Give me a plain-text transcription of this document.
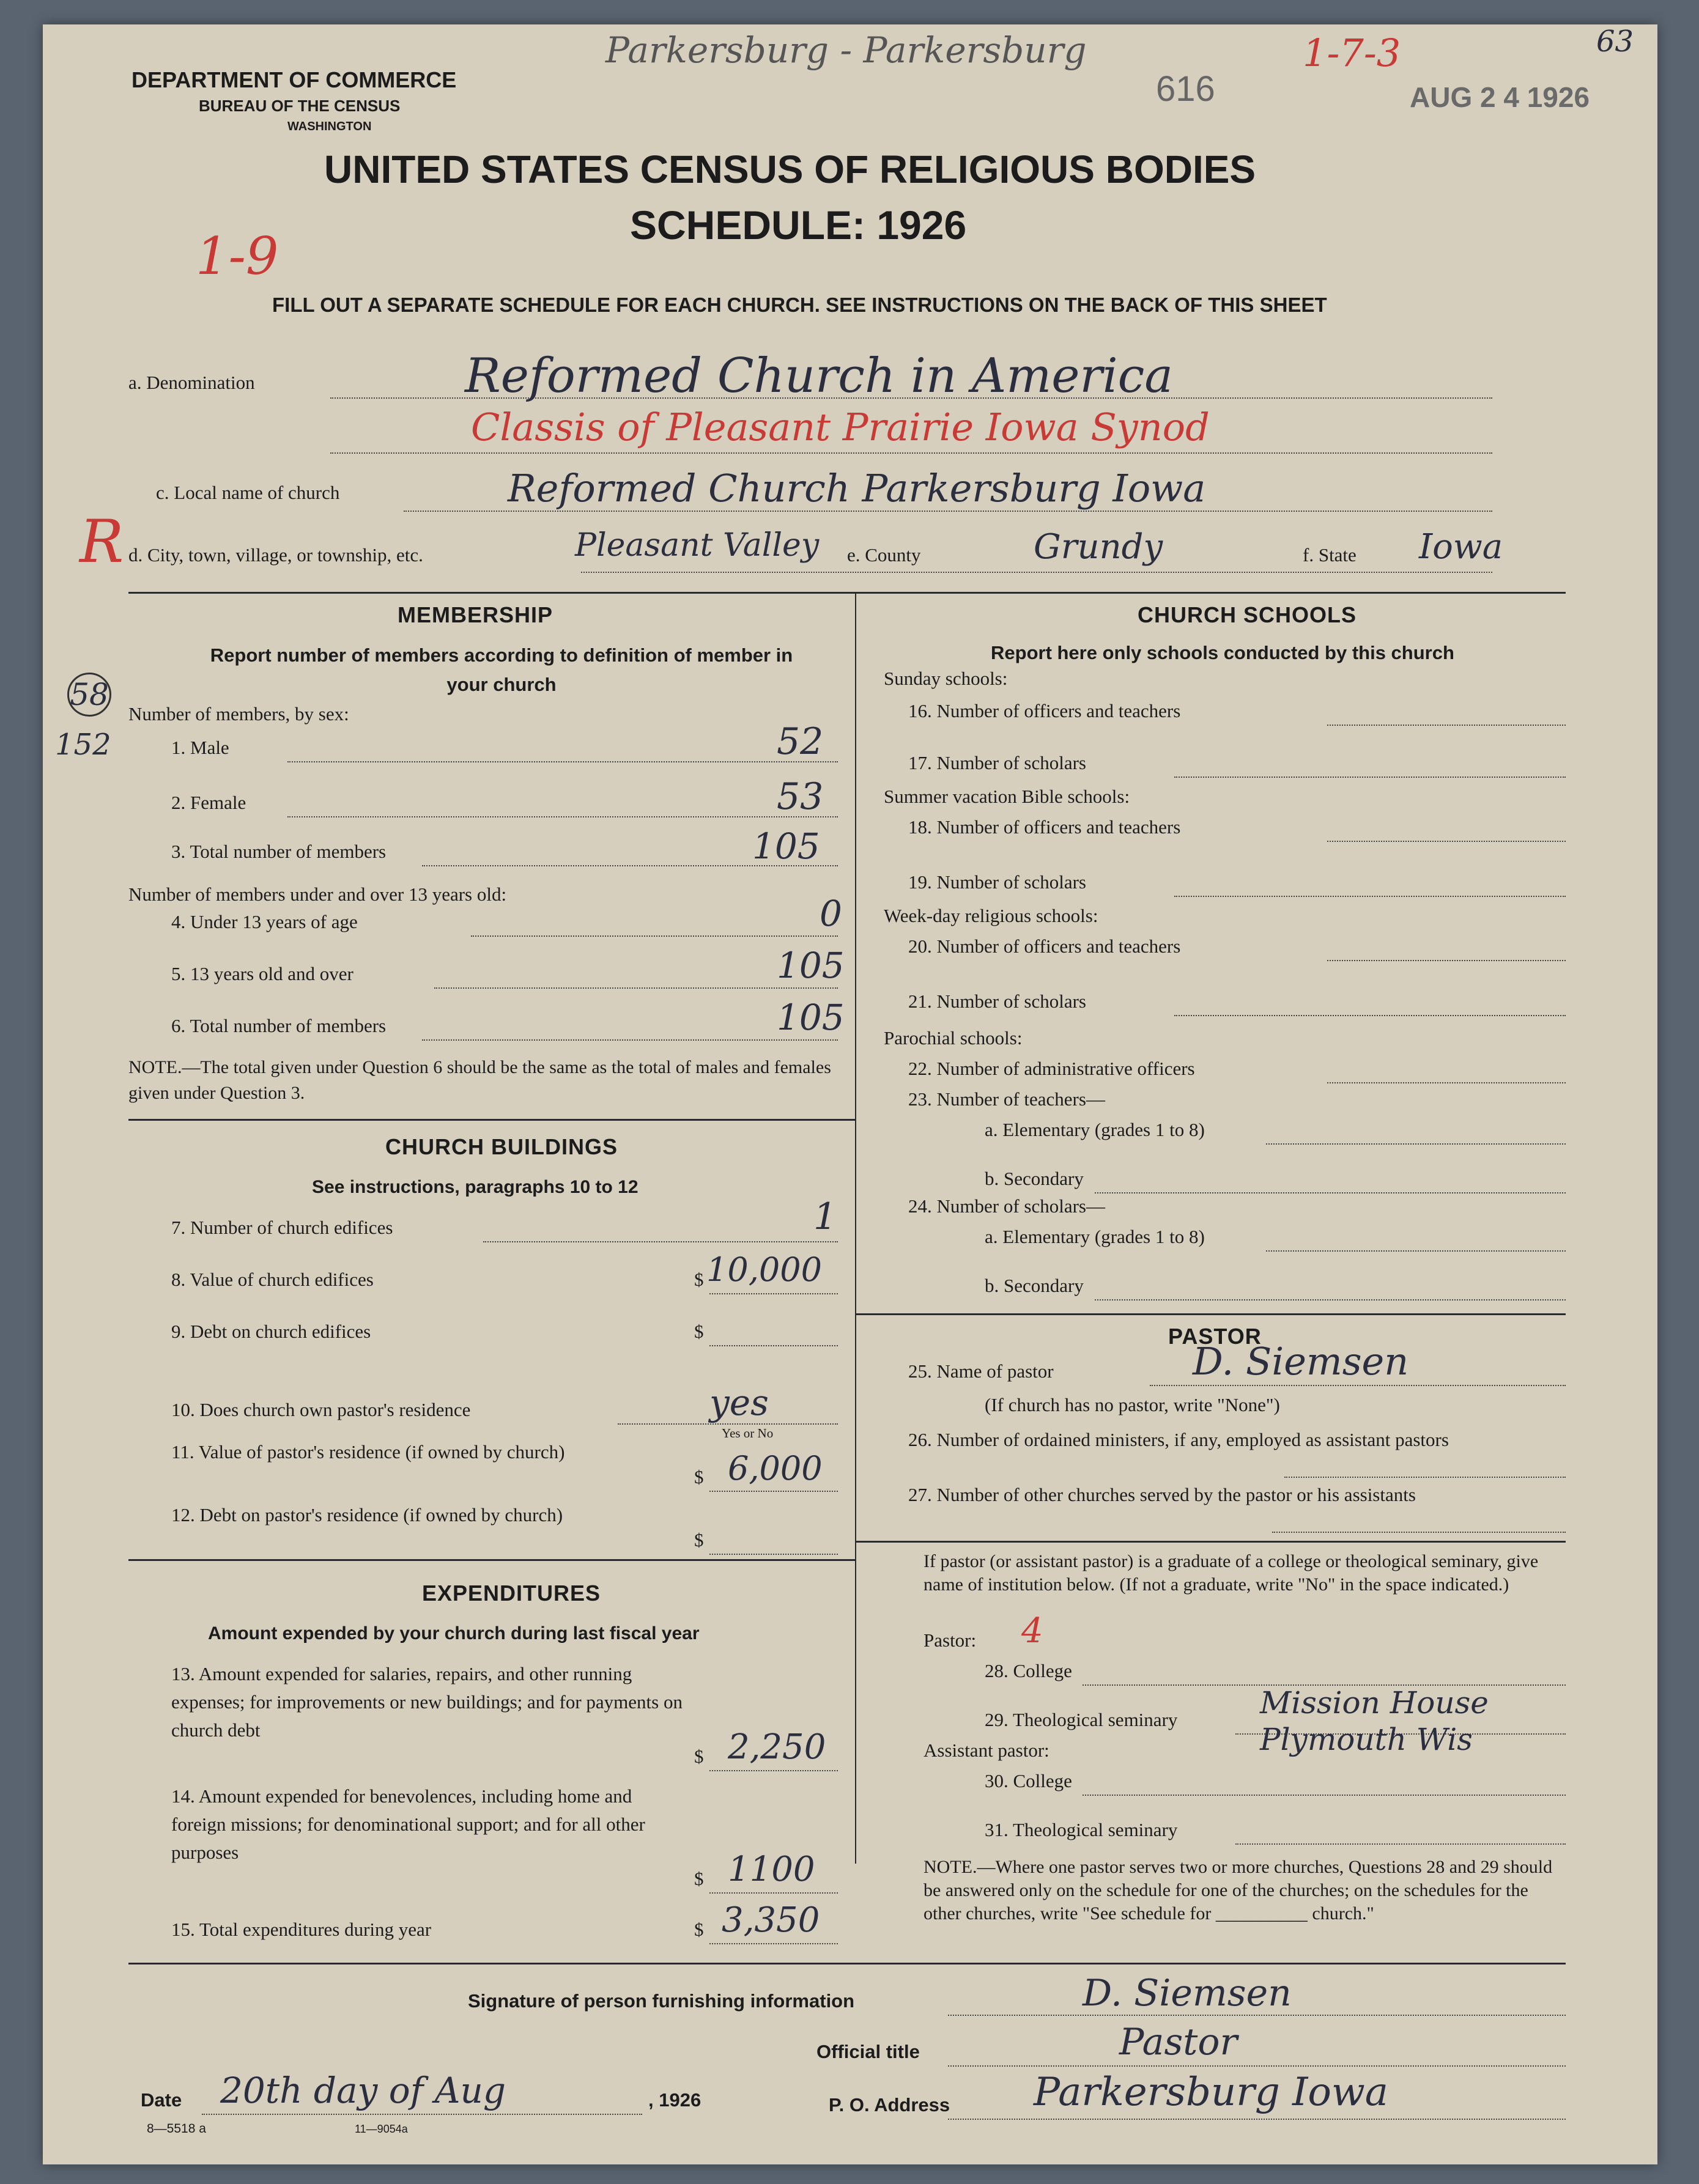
Parkersburg - Parkersburg	1-7-3	63
616	AUG 2 4 1926
DEPARTMENT OF COMMERCE
BUREAU OF THE CENSUS
WASHINGTON
UNITED STATES CENSUS OF RELIGIOUS BODIES
SCHEDULE: 1926
1-9
FILL OUT A SEPARATE SCHEDULE FOR EACH CHURCH. SEE INSTRUCTIONS ON THE BACK OF THIS SHEET
a. Denomination	Reformed Church in America
Classis of Pleasant Prairie Iowa Synod
c. Local name of church	Reformed Church Parkersburg Iowa
R d. City, town, village, or township, etc.	Pleasant Valley e. County	Grundy	f. State Iowa
MEMBERSHIP
Report number of members according to definition of member in your church
58
152
Number of members, by sex:
1. Male	52
2. Female	53
3. Total number of members	105
Number of members under and over 13 years old:
4. Under 13 years of age	0
5. 13 years old and over	105
6. Total number of members	105
NOTE.—The total given under Question 6 should be the same as the total of males and females given under Question 3.
CHURCH BUILDINGS
See instructions, paragraphs 10 to 12
7. Number of church edifices	1
8. Value of church edifices	$ 10,000
9. Debt on church edifices	$
10. Does church own pastor's residence	yes
Yes or No
11. Value of pastor's residence (if owned by church)
$ 6,000
12. Debt on pastor's residence (if owned by church)
$
EXPENDITURES
Amount expended by your church during last fiscal year
13. Amount expended for salaries, repairs, and other running expenses; for improvements or new buildings; and for payments on church debt
$ 2,250
14. Amount expended for benevolences, including home and foreign missions; for denominational support; and for all other purposes
$ 1100
15. Total expenditures during year	$ 3,350
CHURCH SCHOOLS
Report here only schools conducted by this church
Sunday schools:
16. Number of officers and teachers
17. Number of scholars
Summer vacation Bible schools:
18. Number of officers and teachers
19. Number of scholars
Week-day religious schools:
20. Number of officers and teachers
21. Number of scholars
Parochial schools:
22. Number of administrative officers
23. Number of teachers—
a. Elementary (grades 1 to 8)
b. Secondary
24. Number of scholars—
a. Elementary (grades 1 to 8)
b. Secondary
PASTOR
25. Name of pastor	D. Siemsen
(If church has no pastor, write "None")
26. Number of ordained ministers, if any, employed as assistant pastors
27. Number of other churches served by the pastor or his assistants
If pastor (or assistant pastor) is a graduate of a college or theological seminary, give name of institution below. (If not a graduate, write "No" in the space indicated.)
Pastor: 4
28. College
29. Theological seminary	Mission House Plymouth Wis
Assistant pastor:
30. College
31. Theological seminary
NOTE.—Where one pastor serves two or more churches, Questions 28 and 29 should be answered only on the schedule for one of the churches; on the schedules for the other churches, write "See schedule for __________ church."
Signature of person furnishing information	D. Siemsen
Official title	Pastor
Date 20th day of Aug	, 1926	P. O. Address Parkersburg Iowa
8—5518 a	11—9054a
